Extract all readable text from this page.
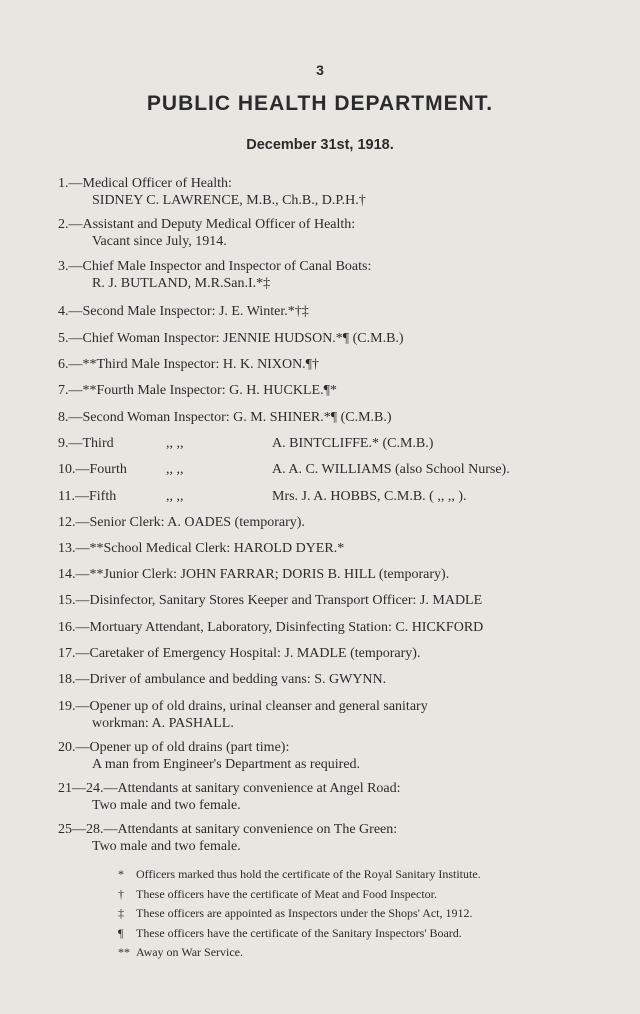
3
PUBLIC HEALTH DEPARTMENT.
December 31st, 1918.
1.—Medical Officer of Health:
SIDNEY C. LAWRENCE, M.B., Ch.B., D.P.H.†
2.—Assistant and Deputy Medical Officer of Health:
Vacant since July, 1914.
3.—Chief Male Inspector and Inspector of Canal Boats:
R. J. BUTLAND, M.R.San.I.*‡
4.—Second Male Inspector: J. E. Winter.*†‡
5.—Chief Woman Inspector: JENNIE HUDSON.*¶ (C.M.B.)
6.—**Third Male Inspector: H. K. NIXON.¶†
7.—**Fourth Male Inspector: G. H. HUCKLE.¶*
8.—Second Woman Inspector: G. M. SHINER.*¶ (C.M.B.)
9.—Third	,, ,,	A. BINTCLIFFE.* (C.M.B.)
10.—Fourth	,, ,,	A. A. C. WILLIAMS (also School Nurse).
11.—Fifth	,, ,,	Mrs. J. A. HOBBS, C.M.B. ( ,, ,, ).
12.—Senior Clerk: A. OADES (temporary).
13.—**School Medical Clerk: HAROLD DYER.*
14.—**Junior Clerk: JOHN FARRAR; DORIS B. HILL (temporary).
15.—Disinfector, Sanitary Stores Keeper and Transport Officer: J. MADLE
16.—Mortuary Attendant, Laboratory, Disinfecting Station: C. HICKFORD
17.—Caretaker of Emergency Hospital: J. MADLE (temporary).
18.—Driver of ambulance and bedding vans: S. GWYNN.
19.—Opener up of old drains, urinal cleanser and general sanitary
workman: A. PASHALL.
20.—Opener up of old drains (part time):
A man from Engineer's Department as required.
21—24.—Attendants at sanitary convenience at Angel Road:
Two male and two female.
25—28.—Attendants at sanitary convenience on The Green:
Two male and two female.
* Officers marked thus hold the certificate of the Royal Sanitary Institute.
† These officers have the certificate of Meat and Food Inspector.
‡ These officers are appointed as Inspectors under the Shops' Act, 1912.
¶ These officers have the certificate of the Sanitary Inspectors' Board.
** Away on War Service.
